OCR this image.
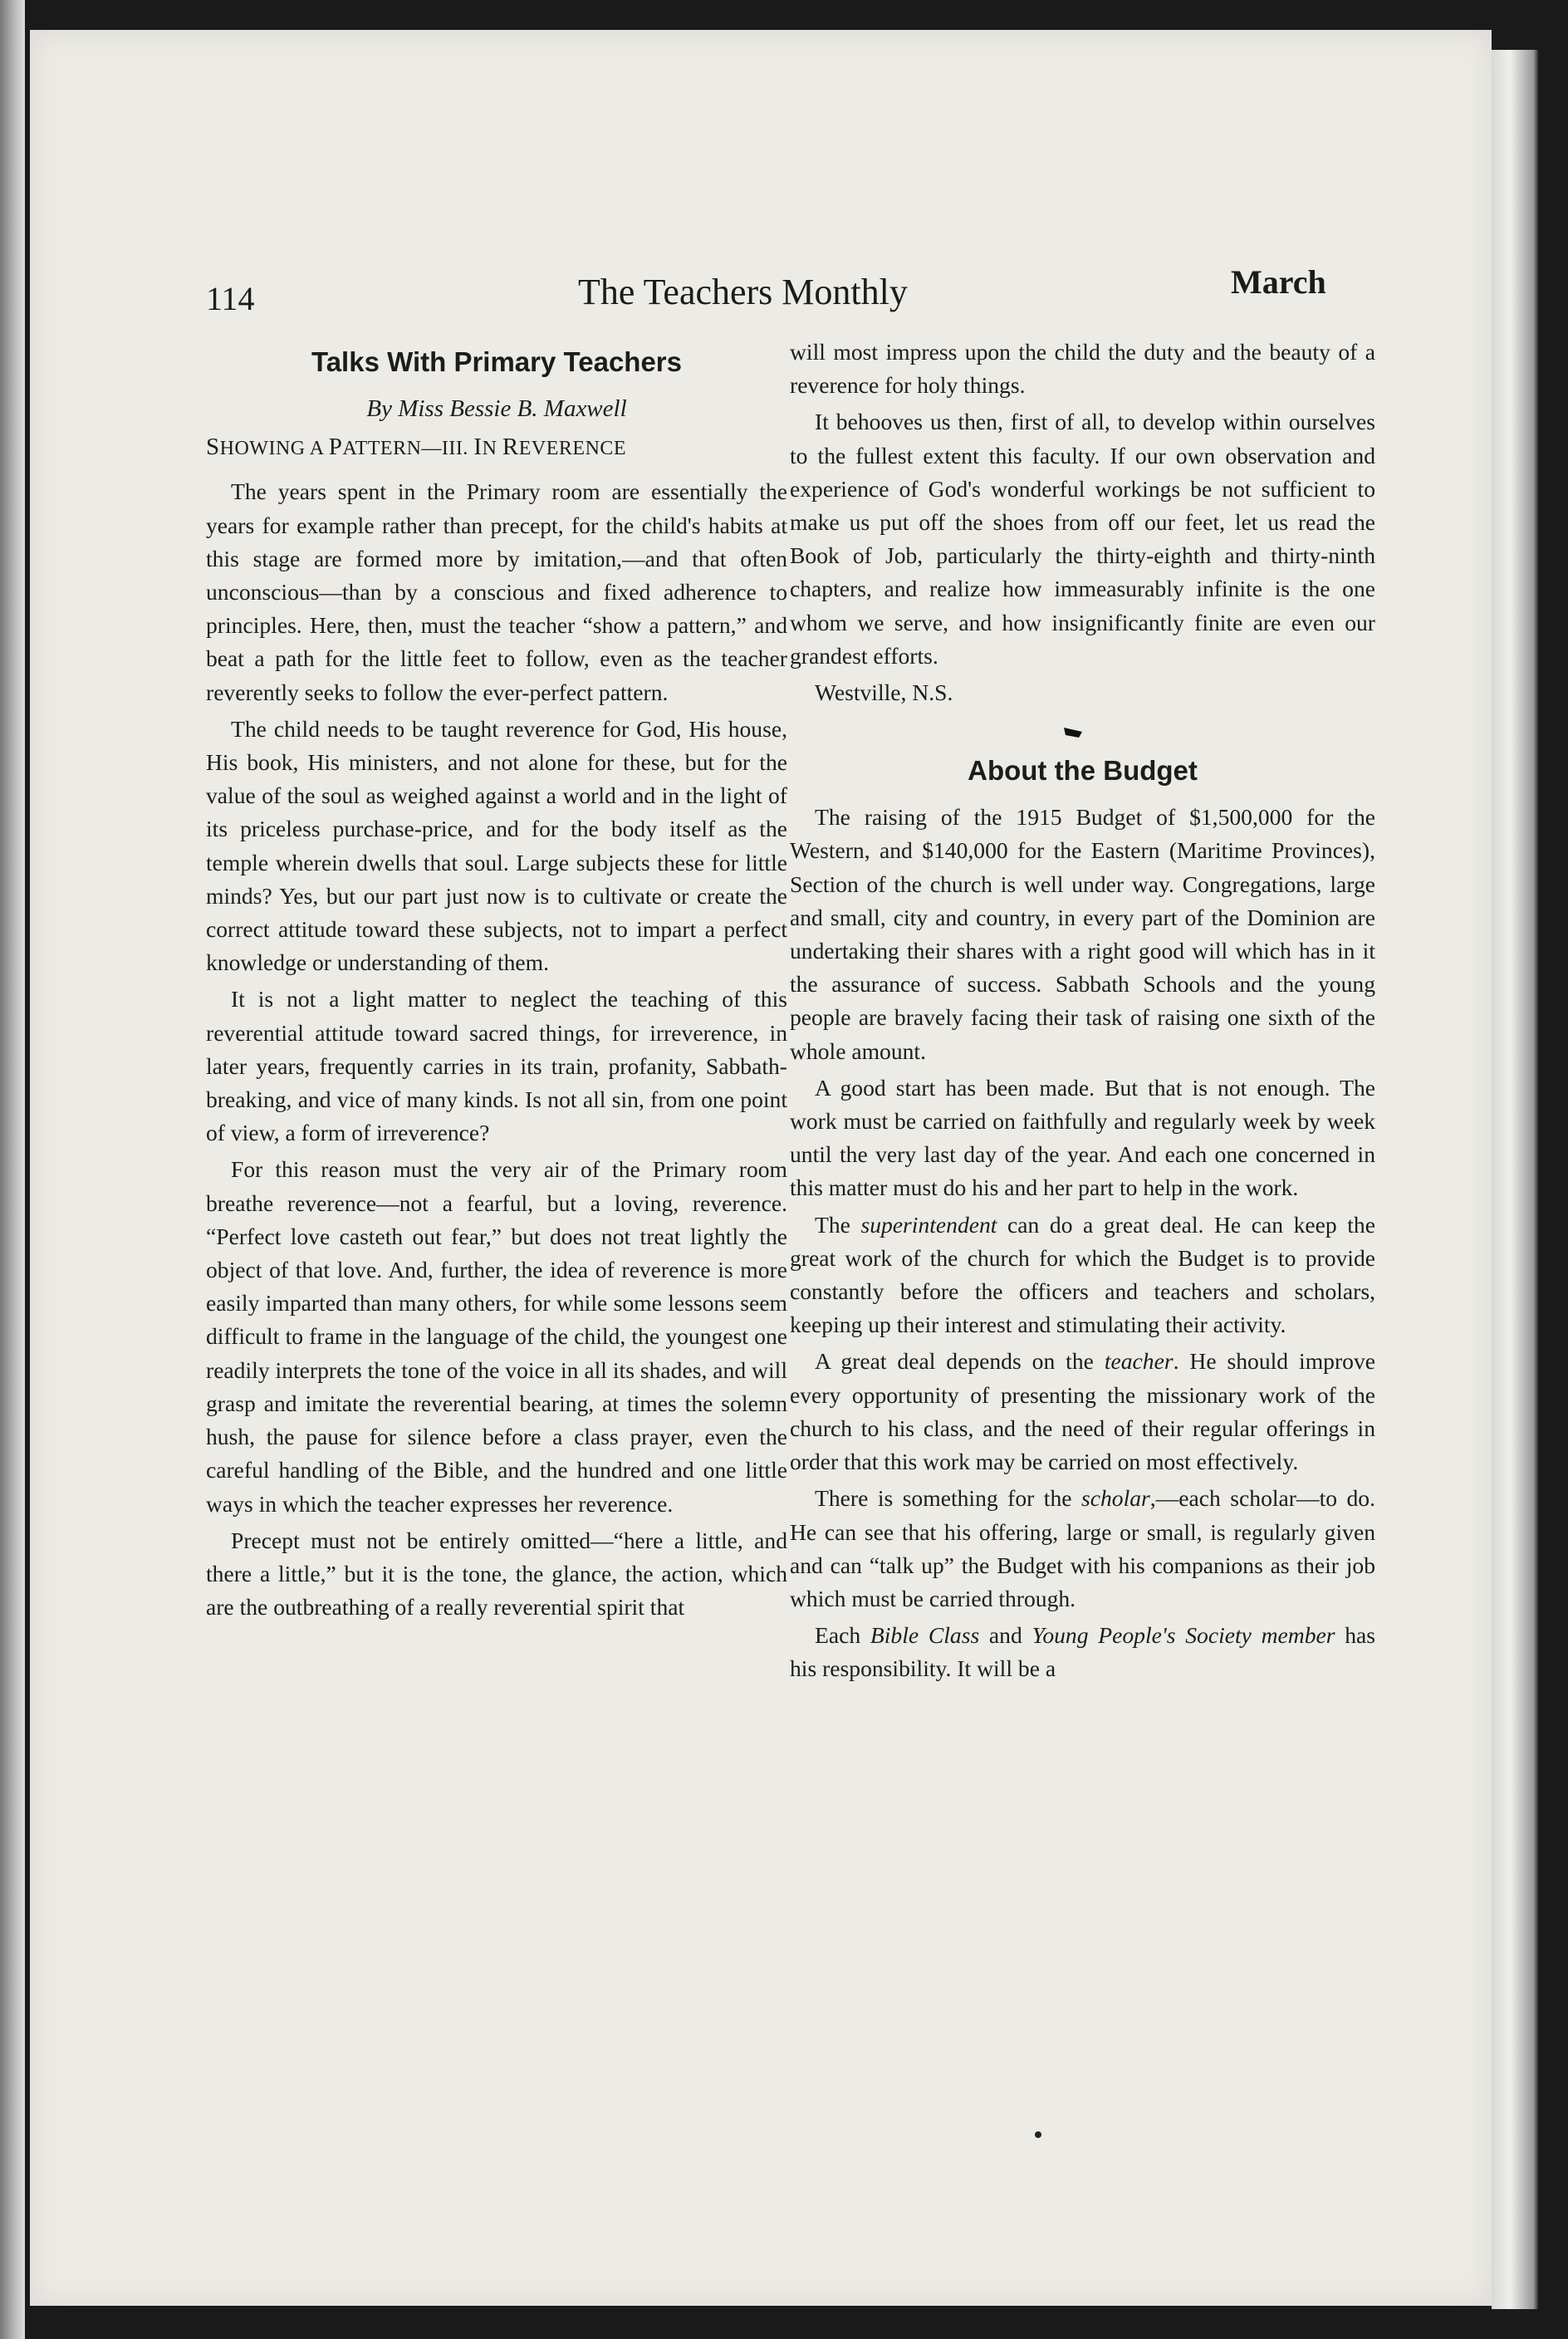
114	The Teachers Monthly	March
Talks With Primary Teachers
By Miss Bessie B. Maxwell
SHOWING A PATTERN—III. IN REVERENCE

The years spent in the Primary room are essentially the years for example rather than precept, for the child's habits at this stage are formed more by imitation,—and that often unconscious—than by a conscious and fixed adherence to principles. Here, then, must the teacher “show a pattern,” and beat a path for the little feet to follow, even as the teacher reverently seeks to follow the ever-perfect pattern.

The child needs to be taught reverence for God, His house, His book, His ministers, and not alone for these, but for the value of the soul as weighed against a world and in the light of its priceless purchase-price, and for the body itself as the temple wherein dwells that soul. Large subjects these for little minds? Yes, but our part just now is to cultivate or create the correct attitude toward these subjects, not to impart a perfect knowledge or understanding of them.

It is not a light matter to neglect the teaching of this reverential attitude toward sacred things, for irreverence, in later years, frequently carries in its train, profanity, Sabbath-breaking, and vice of many kinds. Is not all sin, from one point of view, a form of irreverence?

For this reason must the very air of the Primary room breathe reverence—not a fearful, but a loving, reverence. “Perfect love casteth out fear,” but does not treat lightly the object of that love. And, further, the idea of reverence is more easily imparted than many others, for while some lessons seem difficult to frame in the language of the child, the youngest one readily interprets the tone of the voice in all its shades, and will grasp and imitate the reverential bearing, at times the solemn hush, the pause for silence before a class prayer, even the careful handling of the Bible, and the hundred and one little ways in which the teacher expresses her reverence.

Precept must not be entirely omitted—“here a little, and there a little,” but it is the tone, the glance, the action, which are the outbreathing of a really reverential spirit that

will most impress upon the child the duty and the beauty of a reverence for holy things.

It behooves us then, first of all, to develop within ourselves to the fullest extent this faculty. If our own observation and experience of God's wonderful workings be not sufficient to make us put off the shoes from off our feet, let us read the Book of Job, particularly the thirty-eighth and thirty-ninth chapters, and realize how immeasurably infinite is the one whom we serve, and how insignificantly finite are even our grandest efforts.

Westville, N.S.

About the Budget

The raising of the 1915 Budget of $1,500,000 for the Western, and $140,000 for the Eastern (Maritime Provinces), Section of the church is well under way. Congregations, large and small, city and country, in every part of the Dominion are undertaking their shares with a right good will which has in it the assurance of success. Sabbath Schools and the young people are bravely facing their task of raising one sixth of the whole amount.

A good start has been made. But that is not enough. The work must be carried on faithfully and regularly week by week until the very last day of the year. And each one concerned in this matter must do his and her part to help in the work.

The superintendent can do a great deal. He can keep the great work of the church for which the Budget is to provide constantly before the officers and teachers and scholars, keeping up their interest and stimulating their activity.

A great deal depends on the teacher. He should improve every opportunity of presenting the missionary work of the church to his class, and the need of their regular offerings in order that this work may be carried on most effectively.

There is something for the scholar,—each scholar—to do. He can see that his offering, large or small, is regularly given and can “talk up” the Budget with his companions as their job which must be carried through.

Each Bible Class and Young People's Society member has his responsibility. It will be a
